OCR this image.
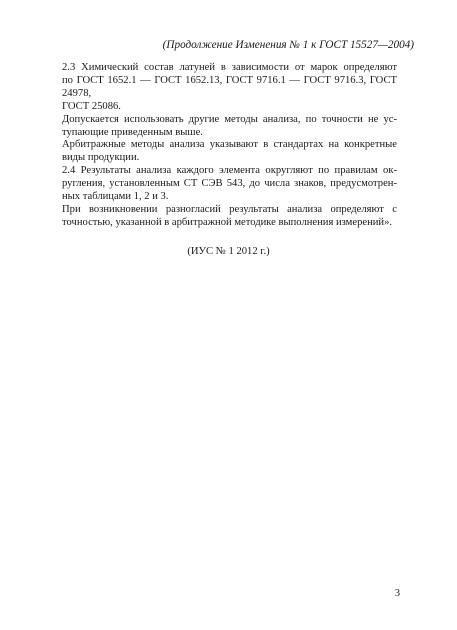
(Продолжение Изменения № 1 к ГОСТ 15527—2004)

2.3 Химический состав латуней в зависимости от марок определяют
по ГОСТ 1652.1 — ГОСТ 1652.13, ГОСТ 9716.1 — ГОСТ 9716.3, ГОСТ 24978,
ГОСТ 25086.

Допускается использовать другие методы анализа, по точности не ус-
тупающие приведенным выше.

Арбитражные методы анализа указывают в стандартах на конкретные
виды продукции.

2.4 Результаты анализа каждого элемента округляют по правилам ок-
ругления, установленным СТ СЭВ 543, до числа знаков, предусмотрен-
ных таблицами 1, 2 и 3.

При возникновении разногласий результаты анализа определяют с
точностью, указанной в арбитражной методике выполнения измерений».

(ИУС № 1 2012 г.)
3
